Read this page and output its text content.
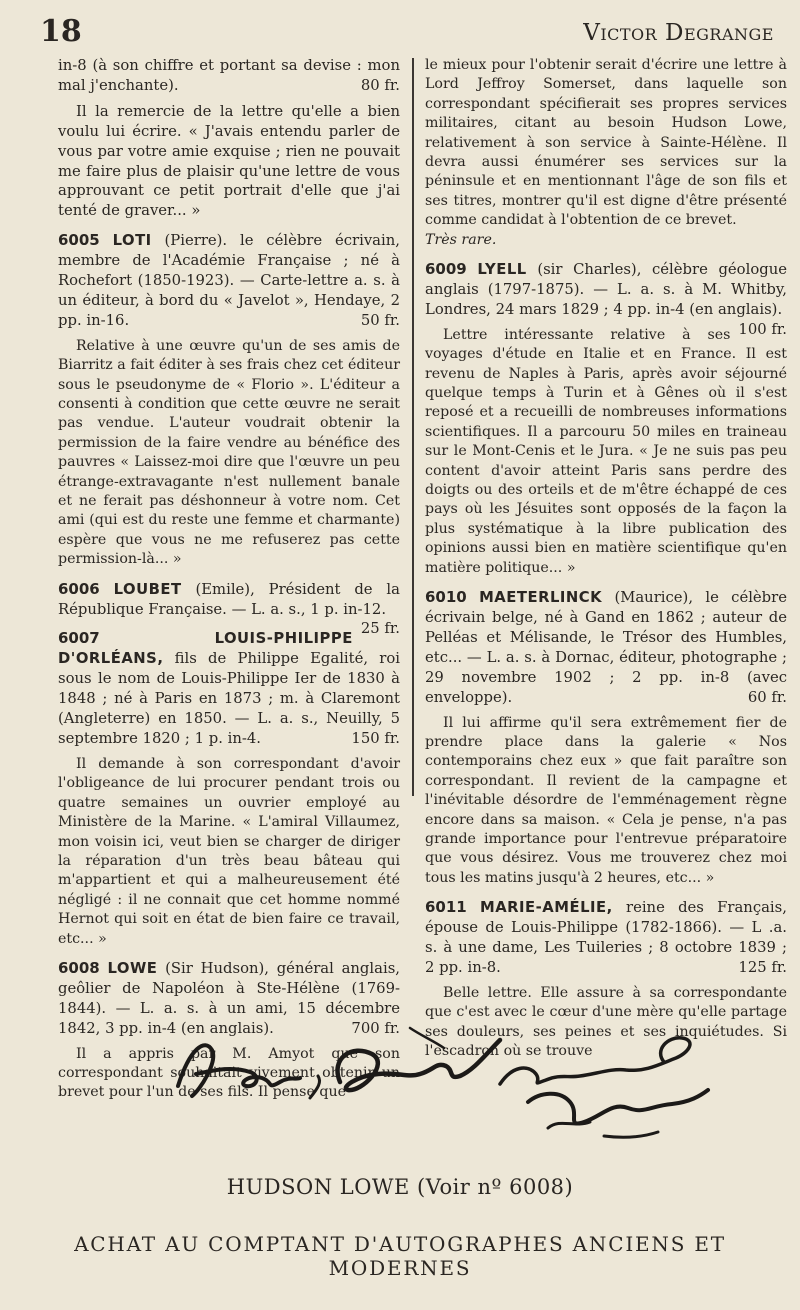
18	Victor Degrange

in-8 (à son chiffre et portant sa devise : mon mal j'enchante).	80 fr.

Il la remercie de la lettre qu'elle a bien voulu lui écrire. « J'avais entendu parler de vous par votre amie exquise ; rien ne pouvait me faire plus de plaisir qu'une lettre de vous approuvant ce petit portrait d'elle que j'ai tenté de graver... »

6005 LOTI (Pierre). le célèbre écrivain, membre de l'Académie Française ; né à Rochefort (1850-1923). — Carte-lettre a. s. à un éditeur, à bord du « Javelot », Hendaye, 2 pp. in-16.	50 fr.

Relative à une œuvre qu'un de ses amis de Biarritz a fait éditer à ses frais chez cet éditeur sous le pseudonyme de « Florio ». L'éditeur a consenti à condition que cette œuvre ne serait pas vendue. L'auteur voudrait obtenir la permission de la faire vendre au bénéfice des pauvres « Laissez-moi dire que l'œuvre un peu étrange-extravagante n'est nullement banale et ne ferait pas déshonneur à votre nom. Cet ami (qui est du reste une femme et charmante) espère que vous ne me refuserez pas cette permission-là... »

6006 LOUBET (Emile), Président de la République Française. — L. a. s., 1 p. in-12.
25 fr.

6007	LOUIS-PHILIPPE D'ORLÉANS, fils de Philippe Egalité, roi sous le nom de Louis-Philippe Ier de 1830 à 1848 ; né à Paris en 1873 ; m. à Claremont (Angleterre) en 1850. — L. a. s., Neuilly, 5 septembre 1820 ; 1 p. in-4.	150 fr.

Il demande à son correspondant d'avoir l'obligeance de lui procurer pendant trois ou quatre semaines un ouvrier employé au Ministère de la Marine. « L'amiral Villaumez, mon voisin ici, veut bien se charger de diriger la réparation d'un très beau bâteau qui m'appartient et qui a malheureusement été négligé : il ne connait que cet homme nommé Hernot qui soit en état de bien faire ce travail, etc... »

6008 LOWE (Sir Hudson), général anglais, geôlier de Napoléon à Ste-Hélène (1769-1844). — L. a. s. à un ami, 15 décembre 1842, 3 pp. in-4 (en anglais).	700 fr.

Il a appris par M. Amyot que son correspondant souhaitait vivement obtenir un brevet pour l'un de ses fils. Il pense que

le mieux pour l'obtenir serait d'écrire une lettre à Lord Jeffroy Somerset, dans laquelle son correspondant spécifierait ses propres services militaires, citant au besoin Hudson Lowe, relativement à son service à Sainte-Hélène. Il devra aussi énumérer ses services sur la péninsule et en mentionnant l'âge de son fils et ses titres, montrer qu'il est digne d'être présenté comme candidat à l'obtention de ce brevet.

Très rare.

6009 LYELL (sir Charles), célèbre géologue anglais (1797-1875). — L. a. s. à M. Whitby, Londres, 24 mars 1829 ; 4 pp. in-4 (en anglais).
100 fr.

Lettre intéressante relative à ses voyages d'étude en Italie et en France. Il est revenu de Naples à Paris, après avoir séjourné quelque temps à Turin et à Gênes où il s'est reposé et a recueilli de nombreuses informations scientifiques. Il a parcouru 50 miles en traineau sur le Mont-Cenis et le Jura. « Je ne suis pas peu content d'avoir atteint Paris sans perdre des doigts ou des orteils et de m'être échappé de ces pays où les Jésuites sont opposés de la façon la plus systématique à la libre publication des opinions aussi bien en matière scientifique qu'en matière politique... »

6010 MAETERLINCK (Maurice), le célèbre écrivain belge, né à Gand en 1862 ; auteur de Pelléas et Mélisande, le Trésor des Humbles, etc... — L. a. s. à Dornac, éditeur, photographe ; 29 novembre 1902 ; 2 pp. in-8 (avec enveloppe).	60 fr.

Il lui affirme qu'il sera extrêmement fier de prendre place dans la galerie « Nos contemporains chez eux » que fait paraître son correspondant. Il revient de la campagne et l'inévitable désordre de l'emménagement règne encore dans sa maison. « Cela je pense, n'a pas grande importance pour l'entrevue préparatoire que vous désirez. Vous me trouverez chez moi tous les matins jusqu'à 2 heures, etc... »

6011 MARIE-AMÉLIE, reine des Français, épouse de Louis-Philippe (1782-1866). — L .a. s. à une dame, Les Tuileries ; 8 octobre 1839 ; 2 pp. in-8.	125 fr.

Belle lettre. Elle assure à sa correspondante que c'est avec le cœur d'une mère qu'elle partage ses douleurs, ses peines et ses inquiétudes. Si l'escadron où se trouve

HUDSON LOWE (Voir nº 6008)
ACHAT AU COMPTANT D'AUTOGRAPHES ANCIENS ET MODERNES
